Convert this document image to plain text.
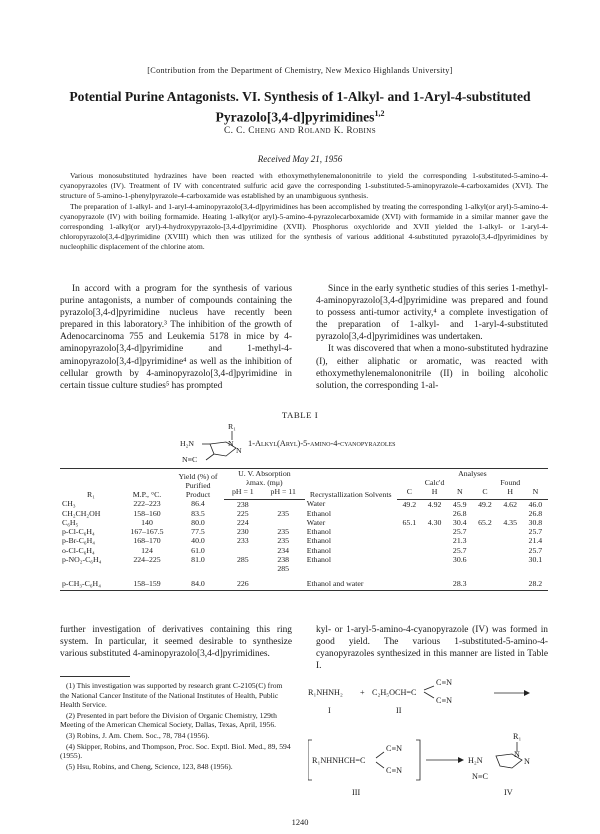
[Contribution from the Department of Chemistry, New Mexico Highlands University]
Potential Purine Antagonists. VI. Synthesis of 1-Alkyl- and 1-Aryl-4-substituted Pyrazolo[3,4-d]pyrimidines$^{1,2}$
C. C. Cheng and Roland K. Robins
Received May 21, 1956

Various monosubstituted hydrazines have been reacted with ethoxymethylenemalononitrile to yield the corresponding 1-substituted-5-amino-4-cyanopyrazoles (IV). Treatment of IV with concentrated sulfuric acid gave the corresponding 1-substituted-5-aminopyrazole-4-carboxamides (XVI). The structure of 5-amino-1-phenylpyrazole-4-carboxamide was established by an unambiguous synthesis.

The preparation of 1-alkyl- and 1-aryl-4-aminopyrazolo[3,4-d]pyrimidines has been accomplished by treating the corresponding 1-alkyl(or aryl)-5-amino-4-cyanopyrazole (IV) with boiling formamide. Heating 1-alkyl(or aryl)-5-amino-4-pyrazolecarboxamide (XVI) with formamide in a similar manner gave the corresponding 1-alkyl(or aryl)-4-hydroxypyrazolo-[3,4-d]pyrimidine (XVII). Phosphorus oxychloride and XVII yielded the 1-alkyl- or 1-aryl-4-chloropyrazolo[3,4-d]pyrimidine (XVIII) which then was utilized for the synthesis of various additional 4-substituted pyrazolo[3,4-d]pyrimidines by nucleophilic displacement of the chlorine atom.

In accord with a program for the synthesis of various purine antagonists, a number of compounds containing the pyrazolo[3,4-d]pyrimidine nucleus have recently been prepared in this laboratory.³ The inhibition of the growth of Adenocarcinoma 755 and Leukemia 5178 in mice by 4-aminopyrazolo[3,4-d]pyrimidine and 1-methyl-4-aminopyrazolo[3,4-d]pyrimidine⁴ as well as the inhibition of cellular growth by 4-aminopyrazolo[3,4-d]pyrimidine in certain tissue culture studies⁵ has prompted

Since in the early synthetic studies of this series 1-methyl-4-aminopyrazolo[3,4-d]pyrimidine was prepared and found to possess anti-tumor activity,⁴ a complete investigation of the preparation of 1-alkyl- and 1-aryl-4-substituted pyrazolo[3,4-d]pyrimidines was undertaken.

It was discovered that when a mono-substituted hydrazine (I), either aliphatic or aromatic, was reacted with ethoxymethylenemalononitrile (II) in boiling alcoholic solution, the corresponding 1-al-

TABLE I
R₁
H₂N	N
N
N≡C
1-Alkyl(Aryl)-5-amino-4-cyanopyrazoles
R₁	M.P., °C.	Yield (%) of Purified Product	U. V. Absorption		Recrystallization Solvents	Analyses					
			λmax. (mμ)			Calc'd			Found		
			pH = 1	pH = 11		C	H	N	C	H	N
CH₃	222–223	86.4	238		Water	49.2	4.92	45.9	49.2	4.62	46.0
CH₂CH₂OH	158–160	83.5	225	235	Ethanol			26.8			26.8
C₆H₅	140	80.0	224		Water	65.1	4.30	30.4	65.2	4.35	30.8
p-Cl-C₆H₄	167–167.5	77.5	230	235	Ethanol			25.7			25.7
p-Br-C₆H₄	168–170	40.0	233	235	Ethanol			21.3			21.4
o-Cl-C₆H₄	124	61.0		234	Ethanol			25.7			25.7
p-NO₂-C₆H₄	224–225	81.0	285	238	Ethanol			30.6			30.1
				285							
p-CH₃-C₆H₄	158–159	84.0	226		Ethanol and water			28.3			28.2
further investigation of derivatives containing this ring system. In particular, it seemed desirable to synthesize various substituted 4-aminopyrazolo[3,4-d]pyrimidines.
kyl- or 1-aryl-5-amino-4-cyanopyrazole (IV) was formed in good yield. The various 1-substituted-5-amino-4-cyanopyrazoles synthesized in this manner are listed in Table I.

(1) This investigation was supported by research grant C-2105(C) from the National Cancer Institute of the National Institutes of Health, Public Health Service.

(2) Presented in part before the Division of Organic Chemistry, 129th Meeting of the American Chemical Society, Dallas, Texas, April, 1956.

(3) Robins, J. Am. Chem. Soc., 78, 784 (1956).

(4) Skipper, Robins, and Thompson, Proc. Soc. Exptl. Biol. Med., 89, 594 (1955).

(5) Hsu, Robins, and Cheng, Science, 123, 848 (1956).

R₁NHNH₂ + C₂H₅OCH=C
C≡N
C≡N
I	II
R₁NHNHCH=C
C≡N
C≡N
III
R₁
H₂N
N
N
N≡C
IV
1240
